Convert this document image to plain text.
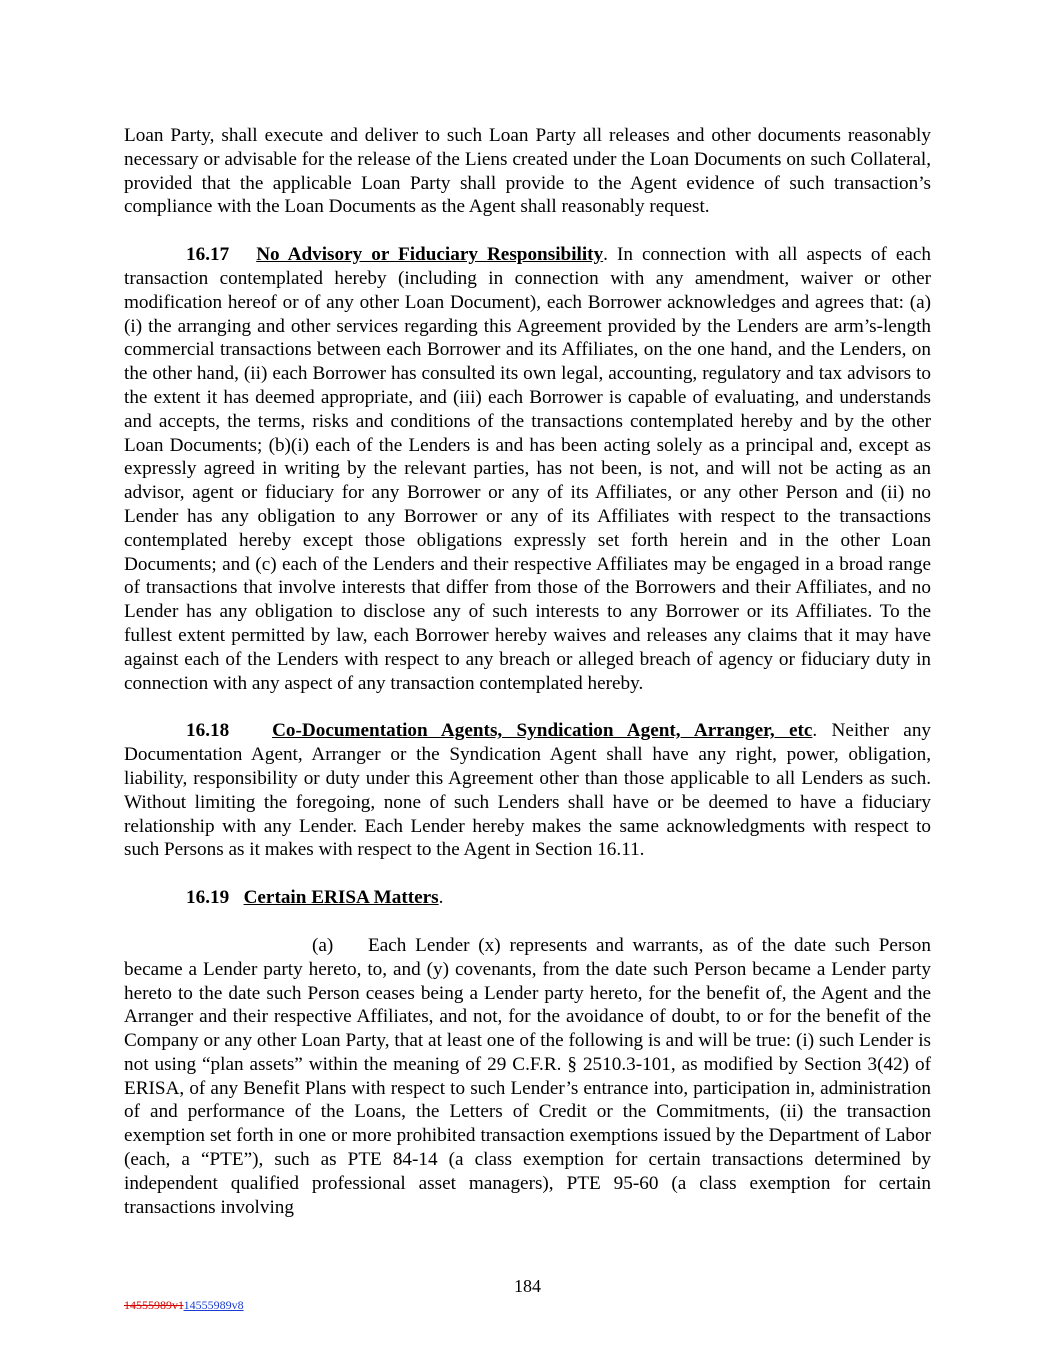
Loan Party, shall execute and deliver to such Loan Party all releases and other documents reasonably necessary or advisable for the release of the Liens created under the Loan Documents on such Collateral, provided that the applicable Loan Party shall provide to the Agent evidence of such transaction’s compliance with the Loan Documents as the Agent shall reasonably request.

16.17 No Advisory or Fiduciary Responsibility. In connection with all aspects of each transaction contemplated hereby (including in connection with any amendment, waiver or other modification hereof or of any other Loan Document), each Borrower acknowledges and agrees that: (a)(i) the arranging and other services regarding this Agreement provided by the Lenders are arm’s-length commercial transactions between each Borrower and its Affiliates, on the one hand, and the Lenders, on the other hand, (ii) each Borrower has consulted its own legal, accounting, regulatory and tax advisors to the extent it has deemed appropriate, and (iii) each Borrower is capable of evaluating, and understands and accepts, the terms, risks and conditions of the transactions contemplated hereby and by the other Loan Documents; (b)(i) each of the Lenders is and has been acting solely as a principal and, except as expressly agreed in writing by the relevant parties, has not been, is not, and will not be acting as an advisor, agent or fiduciary for any Borrower or any of its Affiliates, or any other Person and (ii) no Lender has any obligation to any Borrower or any of its Affiliates with respect to the transactions contemplated hereby except those obligations expressly set forth herein and in the other Loan Documents; and (c) each of the Lenders and their respective Affiliates may be engaged in a broad range of transactions that involve interests that differ from those of the Borrowers and their Affiliates, and no Lender has any obligation to disclose any of such interests to any Borrower or its Affiliates. To the fullest extent permitted by law, each Borrower hereby waives and releases any claims that it may have against each of the Lenders with respect to any breach or alleged breach of agency or fiduciary duty in connection with any aspect of any transaction contemplated hereby.

16.18 Co-Documentation Agents, Syndication Agent, Arranger, etc. Neither any Documentation Agent, Arranger or the Syndication Agent shall have any right, power, obligation, liability, responsibility or duty under this Agreement other than those applicable to all Lenders as such. Without limiting the foregoing, none of such Lenders shall have or be deemed to have a fiduciary relationship with any Lender. Each Lender hereby makes the same acknowledgments with respect to such Persons as it makes with respect to the Agent in Section 16.11.

16.19 Certain ERISA Matters.

(a) Each Lender (x) represents and warrants, as of the date such Person became a Lender party hereto, to, and (y) covenants, from the date such Person became a Lender party hereto to the date such Person ceases being a Lender party hereto, for the benefit of, the Agent and the Arranger and their respective Affiliates, and not, for the avoidance of doubt, to or for the benefit of the Company or any other Loan Party, that at least one of the following is and will be true: (i) such Lender is not using “plan assets” within the meaning of 29 C.F.R. § 2510.3-101, as modified by Section 3(42) of ERISA, of any Benefit Plans with respect to such Lender’s entrance into, participation in, administration of and performance of the Loans, the Letters of Credit or the Commitments, (ii) the transaction exemption set forth in one or more prohibited transaction exemptions issued by the Department of Labor (each, a “PTE”), such as PTE 84-14 (a class exemption for certain transactions determined by independent qualified professional asset managers), PTE 95-60 (a class exemption for certain transactions involving

184
14555989v114555989v8
